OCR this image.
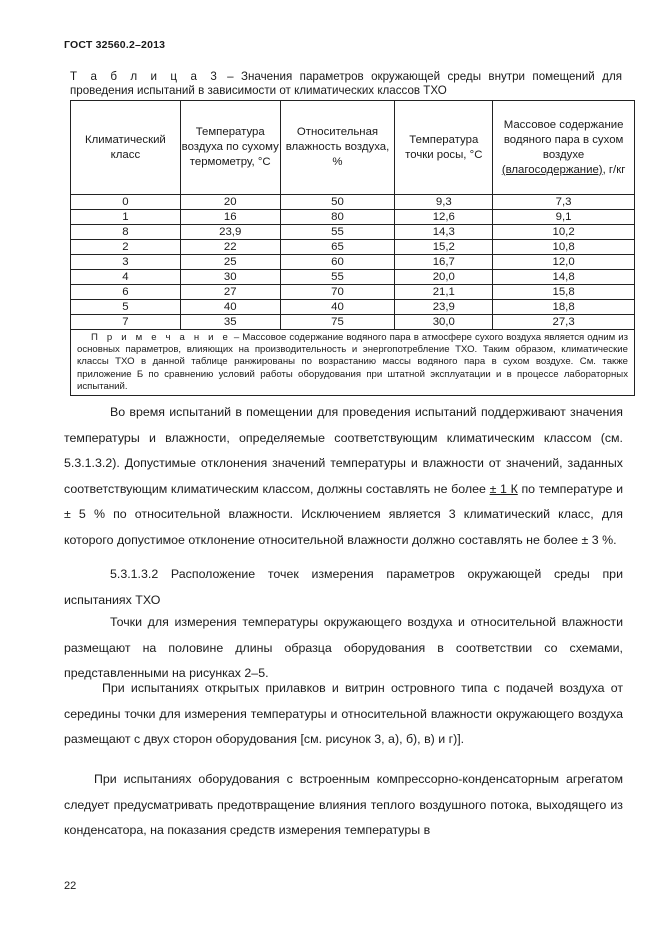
ГОСТ 32560.2–2013
Т а б л и ц а 3 – Значения параметров окружающей среды внутри помещений для проведения испытаний в зависимости от климатических классов ТХО
Климатический класс	Температура воздуха по сухому термометру, °С	Относительная влажность воздуха, %	Температура точки росы, °С	Массовое содержание водяного пара в сухом воздухе (влагосодержание), г/кг
0	20	50	9,3	7,3
1	16	80	12,6	9,1
8	23,9	55	14,3	10,2
2	22	65	15,2	10,8
3	25	60	16,7	12,0
4	30	55	20,0	14,8
6	27	70	21,1	15,8
5	40	40	23,9	18,8
7	35	75	30,0	27,3
П р и м е ч а н и е – Массовое содержание водяного пара в атмосфере сухого воздуха является одним из основных параметров, влияющих на производительность и энергопотребление ТХО. Таким образом, климатические классы ТХО в данной таблице ранжированы по возрастанию массы водяного пара в сухом воздухе. См. также приложение Б по сравнению условий работы оборудования при штатной эксплуатации и в процессе лабораторных испытаний.				
Во время испытаний в помещении для проведения испытаний поддерживают значения температуры и влажности, определяемые соответствующим климатическим классом (см. 5.3.1.3.2). Допустимые отклонения значений температуры и влажности от значений, заданных соответствующим климатическим классом, должны составлять не более ± 1 К по температуре и ± 5 % по относительной влажности. Исключением является 3 климатический класс, для которого допустимое отклонение относительной влажности должно составлять не более ± 3 %.
5.3.1.3.2 Расположение точек измерения параметров окружающей среды при испытаниях ТХО
Точки для измерения температуры окружающего воздуха и относительной влажности размещают на половине длины образца оборудования в соответствии со схемами, представленными на рисунках 2–5.
При испытаниях открытых прилавков и витрин островного типа с подачей воздуха от середины точки для измерения температуры и относительной влажности окружающего воздуха размещают с двух сторон оборудования [см. рисунок 3, а), б), в) и г)].
При испытаниях оборудования с встроенным компрессорно-конденсаторным агрегатом следует предусматривать предотвращение влияния теплого воздушного потока, выходящего из конденсатора, на показания средств измерения температуры в
22
